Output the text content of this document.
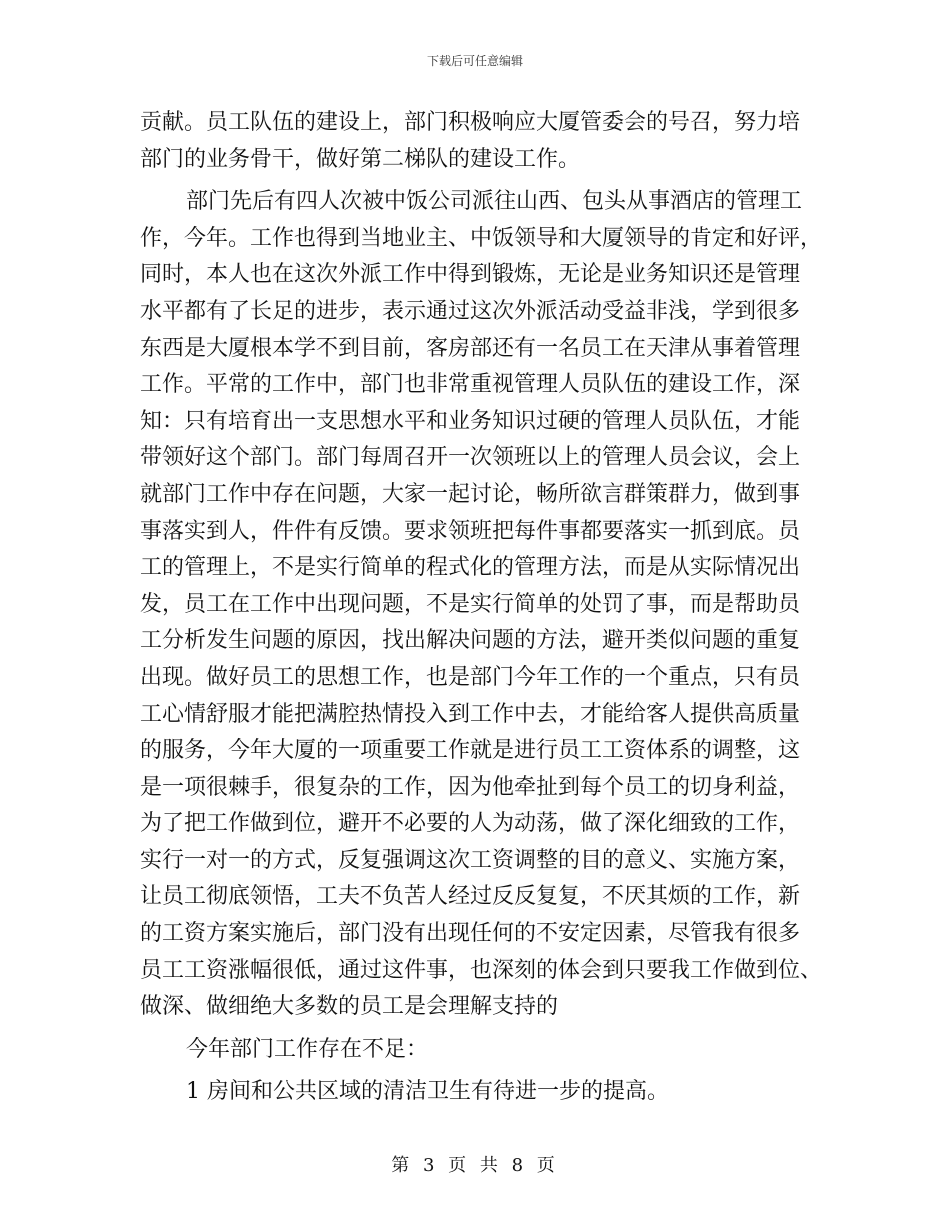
下载后可任意编辑
贡献。员工队伍的建设上，部门积极响应大厦管委会的号召，努力培
部门的业务骨干，做好第二梯队的建设工作。
部门先后有四人次被中饭公司派往山西、包头从事酒店的管理工
作，今年。工作也得到当地业主、中饭领导和大厦领导的肯定和好评，
同时，本人也在这次外派工作中得到锻炼，无论是业务知识还是管理
水平都有了长足的进步，表示通过这次外派活动受益非浅，学到很多
东西是大厦根本学不到目前，客房部还有一名员工在天津从事着管理
工作。平常的工作中，部门也非常重视管理人员队伍的建设工作，深
知：只有培育出一支思想水平和业务知识过硬的管理人员队伍，才能
带领好这个部门。部门每周召开一次领班以上的管理人员会议，会上
就部门工作中存在问题，大家一起讨论，畅所欲言群策群力，做到事
事落实到人，件件有反馈。要求领班把每件事都要落实一抓到底。员
工的管理上，不是实行简单的程式化的管理方法，而是从实际情况出
发，员工在工作中出现问题，不是实行简单的处罚了事，而是帮助员
工分析发生问题的原因，找出解决问题的方法，避开类似问题的重复
出现。做好员工的思想工作，也是部门今年工作的一个重点，只有员
工心情舒服才能把满腔热情投入到工作中去，才能给客人提供高质量
的服务，今年大厦的一项重要工作就是进行员工工资体系的调整，这
是一项很棘手，很复杂的工作，因为他牵扯到每个员工的切身利益，
为了把工作做到位，避开不必要的人为动荡，做了深化细致的工作，
实行一对一的方式，反复强调这次工资调整的目的意义、实施方案，
让员工彻底领悟，工夫不负苦人经过反反复复，不厌其烦的工作，新
的工资方案实施后，部门没有出现任何的不安定因素，尽管我有很多
员工工资涨幅很低，通过这件事，也深刻的体会到只要我工作做到位、
做深、做细绝大多数的员工是会理解支持的
今年部门工作存在不足：
1 房间和公共区域的清洁卫生有待进一步的提高。
第 3 页 共 8 页
